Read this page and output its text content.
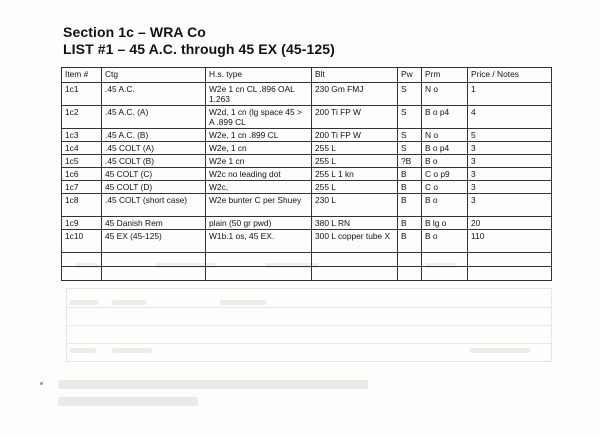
Section 1c – WRA Co
LIST #1 – 45 A.C. through 45 EX (45-125)
Item #	Ctg	H.s. type	Blt	Pw	Prm	Price / Notes
1c1	.45 A.C.	W2e 1 cn CL .896 OAL 1.263	230 Gm FMJ	S	N o	1
1c2	.45 A.C. (A)	W2d, 1 cn (lg space 45 > A .899 CL	200 Ti FP W	S	B o p4	4
1c3	.45 A.C. (B)	W2e, 1 cn .899 CL	200 Ti FP W	S	N o	5
1c4	.45 COLT (A)	W2e, 1 cn	255 L	S	B o p4	3
1c5	.45 COLT (B)	W2e 1 cn	255 L	?B	B o	3
1c6	45 COLT (C)	W2c no leading dot	255 L 1 kn	B	C o p9	3
1c7	45 COLT (D)	W2c,	255 L	B	C o	3
1c8	.45 COLT (short case)	W2e bunter C per Shuey	230 L	B	B o	3
1c9	45 Danish Rem	plain (50 gr pwd)	380 L RN	B	B lg o	20
1c10	45 EX (45-125)	W1b.1 os, 45 EX.	300 L copper tube X	B	B o	110
